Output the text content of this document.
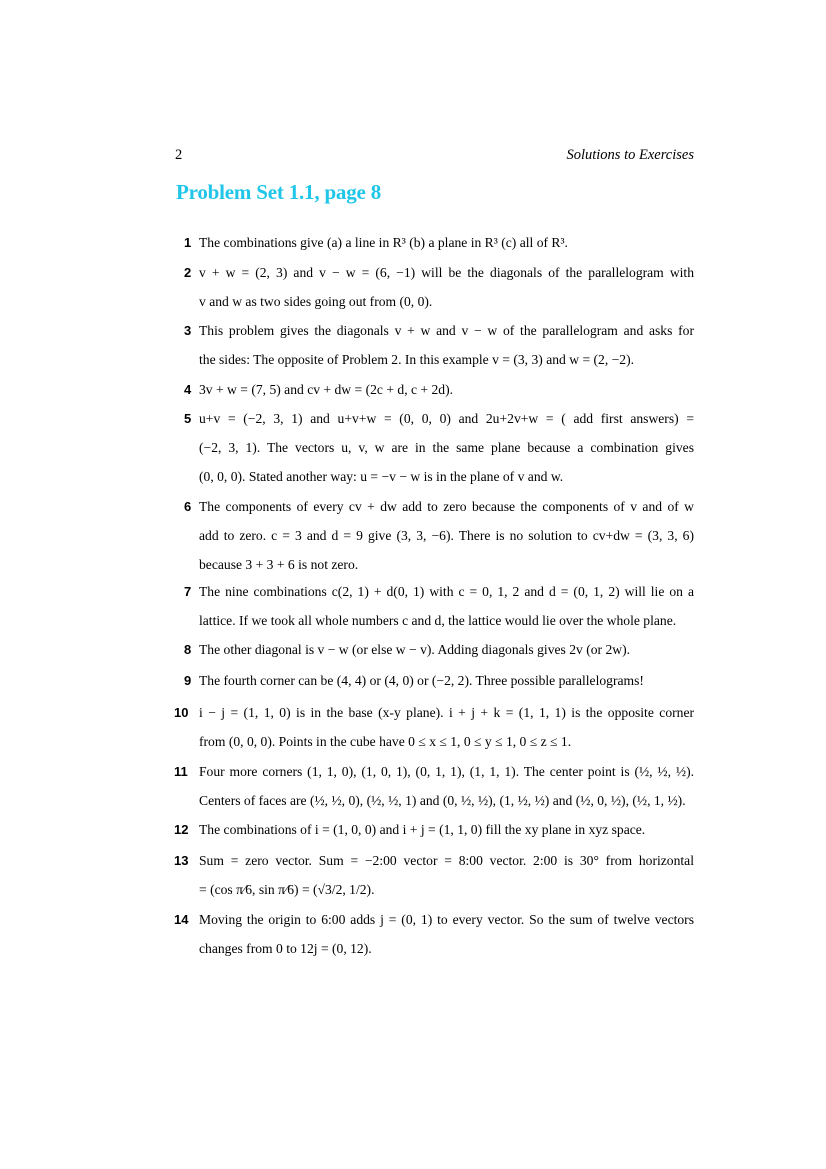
2	Solutions to Exercises
Problem Set 1.1, page 8
1 The combinations give (a) a line in R³ (b) a plane in R³ (c) all of R³.
2 v + w = (2, 3) and v − w = (6, −1) will be the diagonals of the parallelogram with
v and w as two sides going out from (0, 0).
3 This problem gives the diagonals v + w and v − w of the parallelogram and asks for
the sides: The opposite of Problem 2. In this example v = (3, 3) and w = (2, −2).
4 3v + w = (7, 5) and cv + dw = (2c + d, c + 2d).
5 u+v = (−2, 3, 1) and u+v+w = (0, 0, 0) and 2u+2v+w = ( add first answers) =
(−2, 3, 1). The vectors u, v, w are in the same plane because a combination gives
(0, 0, 0). Stated another way: u = −v − w is in the plane of v and w.
6 The components of every cv + dw add to zero because the components of v and of w
add to zero. c = 3 and d = 9 give (3, 3, −6). There is no solution to cv+dw = (3, 3, 6)
because 3 + 3 + 6 is not zero.
7 The nine combinations c(2, 1) + d(0, 1) with c = 0, 1, 2 and d = (0, 1, 2) will lie on a
lattice. If we took all whole numbers c and d, the lattice would lie over the whole plane.
8 The other diagonal is v − w (or else w − v). Adding diagonals gives 2v (or 2w).
9 The fourth corner can be (4, 4) or (4, 0) or (−2, 2). Three possible parallelograms!
10 i − j = (1, 1, 0) is in the base (x-y plane). i + j + k = (1, 1, 1) is the opposite corner
from (0, 0, 0). Points in the cube have 0 ≤ x ≤ 1, 0 ≤ y ≤ 1, 0 ≤ z ≤ 1.
11 Four more corners (1, 1, 0), (1, 0, 1), (0, 1, 1), (1, 1, 1). The center point is (½, ½, ½).
Centers of faces are (½, ½, 0), (½, ½, 1) and (0, ½, ½), (1, ½, ½) and (½, 0, ½), (½, 1, ½).
12 The combinations of i = (1, 0, 0) and i + j = (1, 1, 0) fill the xy plane in xyz space.
13 Sum = zero vector. Sum = −2:00 vector = 8:00 vector. 2:00 is 30° from horizontal
= (cos π⁄6, sin π⁄6) = (√3/2, 1/2).
14 Moving the origin to 6:00 adds j = (0, 1) to every vector. So the sum of twelve vectors
changes from 0 to 12j = (0, 12).
